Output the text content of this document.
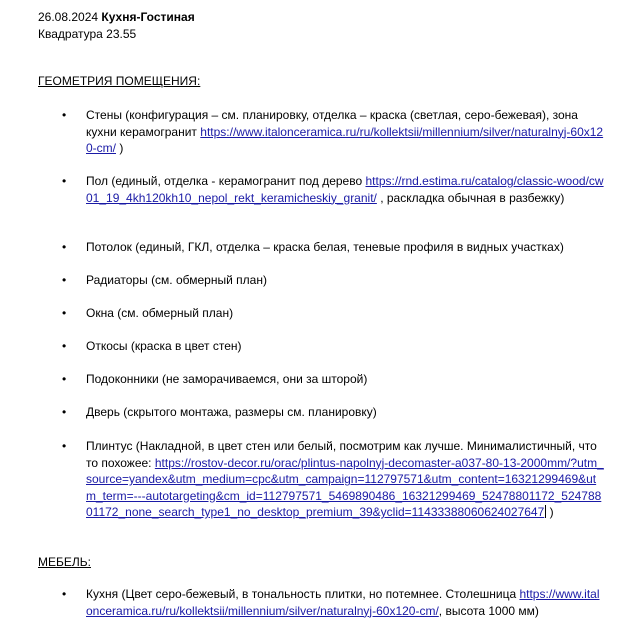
26.08.2024 Кухня-Гостиная
Квадратура 23.55
ГЕОМЕТРИЯ ПОМЕЩЕНИЯ:
• Стены (конфигурация – см. планировку, отделка – краска (светлая, серо-бежевая), зона кухни керамогранит https://www.italonceramica.ru/ru/kollektsii/millennium/silver/naturalnyj-60x120-cm/ )
• Пол (единый, отделка - керамогранит под дерево https://rnd.estima.ru/catalog/classic-wood/cw01_19_4kh120kh10_nepol_rekt_keramicheskiy_granit/ , раскладка обычная в разбежку)
• Потолок (единый, ГКЛ, отделка – краска белая, теневые профиля в видных участках)
• Радиаторы (см. обмерный план)
• Окна (см. обмерный план)
• Откосы (краска в цвет стен)
• Подоконники (не заморачиваемся, они за шторой)
• Дверь (скрытого монтажа, размеры см. планировку)
• Плинтус (Накладной, в цвет стен или белый, посмотрим как лучше. Минималистичный, что то похожее: https://rostov-decor.ru/orac/plintus-napolnyj-decomaster-a037-80-13-2000mm/?utm_source=yandex&utm_medium=cpc&utm_campaign=112797571&utm_content=16321299469&utm_term=---autotargeting&cm_id=112797571_5469890486_16321299469_52478801172_52478801172_none_search_type1_no_desktop_premium_39&yclid=11433388060624027647 )
МЕБЕЛЬ:
• Кухня (Цвет серо-бежевый, в тональность плитки, но потемнее. Столешница https://www.italonceramica.ru/ru/kollektsii/millennium/silver/naturalnyj-60x120-cm/, высота 1000 мм)
